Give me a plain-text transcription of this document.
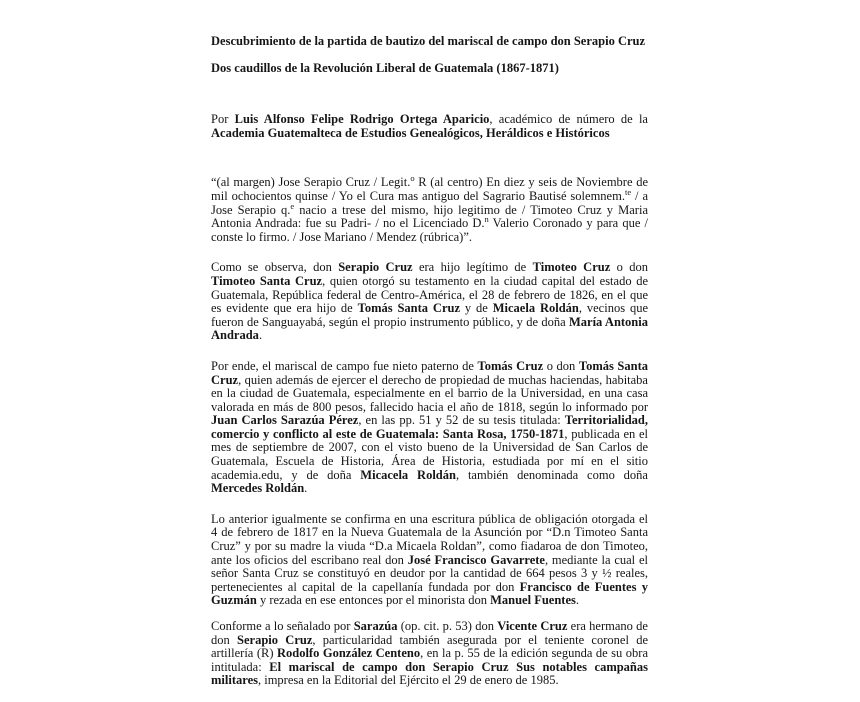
Descubrimiento de la partida de bautizo del mariscal de campo don Serapio Cruz

Dos caudillos de la Revolución Liberal de Guatemala (1867-1871)

Por Luis Alfonso Felipe Rodrigo Ortega Aparicio, académico de número de la Academia Guatemalteca de Estudios Genealógicos, Heráldicos e Históricos

“(al margen) Jose Serapio Cruz / Legit.$^o$ R (al centro) En diez y seis de Noviembre de mil ochocientos quinse / Yo el Cura mas antiguo del Sagrario Bautisé solemnem.$^{te}$ / a Jose Serapio q.$^e$ nacio a trese del mismo, hijo legitimo de / Timoteo Cruz y Maria Antonia Andrada: fue su Padri- / no el Licenciado D.$^n$ Valerio Coronado y para que / conste lo firmo. / Jose Mariano / Mendez (rúbrica)”.

Como se observa, don Serapio Cruz era hijo legítimo de Timoteo Cruz o don Timoteo Santa Cruz, quien otorgó su testamento en la ciudad capital del estado de Guatemala, República federal de Centro-América, el 28 de febrero de 1826, en el que es evidente que era hijo de Tomás Santa Cruz y de Micaela Roldán, vecinos que fueron de Sanguayabá, según el propio instrumento público, y de doña María Antonia Andrada.

Por ende, el mariscal de campo fue nieto paterno de Tomás Cruz o don Tomás Santa Cruz, quien además de ejercer el derecho de propiedad de muchas haciendas, habitaba en la ciudad de Guatemala, especialmente en el barrio de la Universidad, en una casa valorada en más de 800 pesos, fallecido hacia el año de 1818, según lo informado por Juan Carlos Sarazúa Pérez, en las pp. 51 y 52 de su tesis titulada: Territorialidad, comercio y conflicto al este de Guatemala: Santa Rosa, 1750-1871, publicada en el mes de septiembre de 2007, con el visto bueno de la Universidad de San Carlos de Guatemala, Escuela de Historia, Área de Historia, estudiada por mí en el sitio academia.edu, y de doña Micacela Roldán, también denominada como doña Mercedes Roldán.

Lo anterior igualmente se confirma en una escritura pública de obligación otorgada el 4 de febrero de 1817 en la Nueva Guatemala de la Asunción por “D.n Timoteo Santa Cruz” y por su madre la viuda “D.a Micaela Roldan”, como fiadaroa de don Timoteo, ante los oficios del escribano real don José Francisco Gavarrete, mediante la cual el señor Santa Cruz se constituyó en deudor por la cantidad de 664 pesos 3 y ½ reales, pertenecientes al capital de la capellanía fundada por don Francisco de Fuentes y Guzmán y rezada en ese entonces por el minorista don Manuel Fuentes.

Conforme a lo señalado por Sarazúa (op. cit. p. 53) don Vicente Cruz era hermano de don Serapio Cruz, particularidad también asegurada por el teniente coronel de artillería (R) Rodolfo González Centeno, en la p. 55 de la edición segunda de su obra intitulada: El mariscal de campo don Serapio Cruz Sus notables campañas militares, impresa en la Editorial del Ejército el 29 de enero de 1985.
